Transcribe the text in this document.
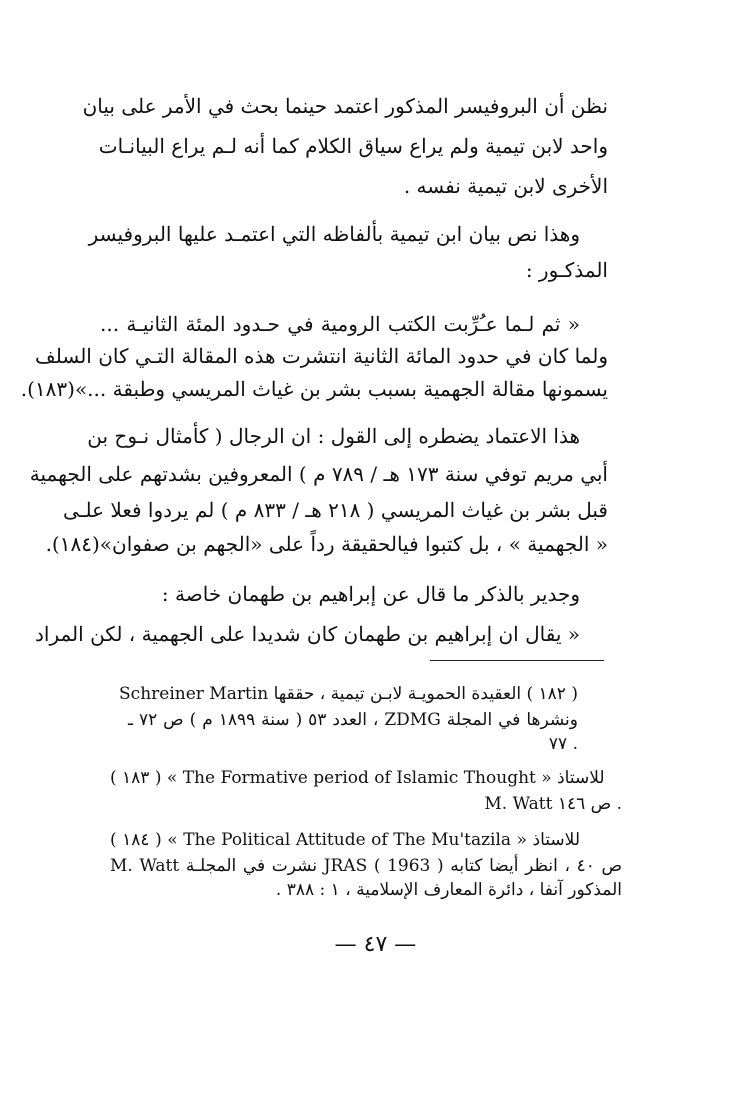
نظن أن البروفيسر المذكور اعتمد حينما بحث في الأمر على بيان
واحد لابن تيمية ولم يراع سياق الكلام كما أنه لـم يراع البيانـات
الأخرى لابن تيمية نفسه .
وهذا نص بيان ابن تيمية بألفاظه التي اعتمـد عليها البروفيسر
المذكـور :
« ثم لـما عـُرِّبت الكتب الرومية في حـدود المئة الثانيـة ...
ولما كان في حدود المائة الثانية انتشرت هذه المقالة التـي كان السلف
يسمونها مقالة الجهمية بسبب بشر بن غياث المريسي وطبقة ...»(١٨٣).
هذا الاعتماد يضطره إلى القول : ان الرجال ( كأمثال نـوح بن
أبي مريم توفي سنة ١٧٣ هـ / ٧٨٩ م ) المعروفين بشدتهم على الجهمية
قبل بشر بن غياث المريسي ( ٢١٨ هـ / ٨٣٣ م ) لم يردوا فعلا علـى
« الجهمية » ، بل كتبوا فيالحقيقة رداً على «الجهم بن صفوان»(١٨٤).
وجدير بالذكر ما قال عن إبراهيم بن طهمان خاصة :
« يقال ان إبراهيم بن طهمان كان شديدا على الجهمية ، لكن المراد
( ١٨٢ ) العقيدة الحمويـة لابـن تيمية ، حققها Schreiner Martin
ونشرها في المجلة ZDMG ، العدد ٥٣ ( سنة ١٨٩٩ م ) ص ٧٢ ـ
٧٧ .
( ١٨٣ ) « The Formative period of Islamic Thought » للاستاذ
M. Watt ص ١٤٦ .
( ١٨٤ ) « The Political Attitude of The Mu'tazila » للاستاذ
M. Watt نشرت في المجلـة JRAS ( 1963 ) ص ٤٠ ، انظر أيضا كتابه
المذكور آنفا ، دائرة المعارف الإسلامية ، ١ : ٣٨٨ .
— ٤٧ —
